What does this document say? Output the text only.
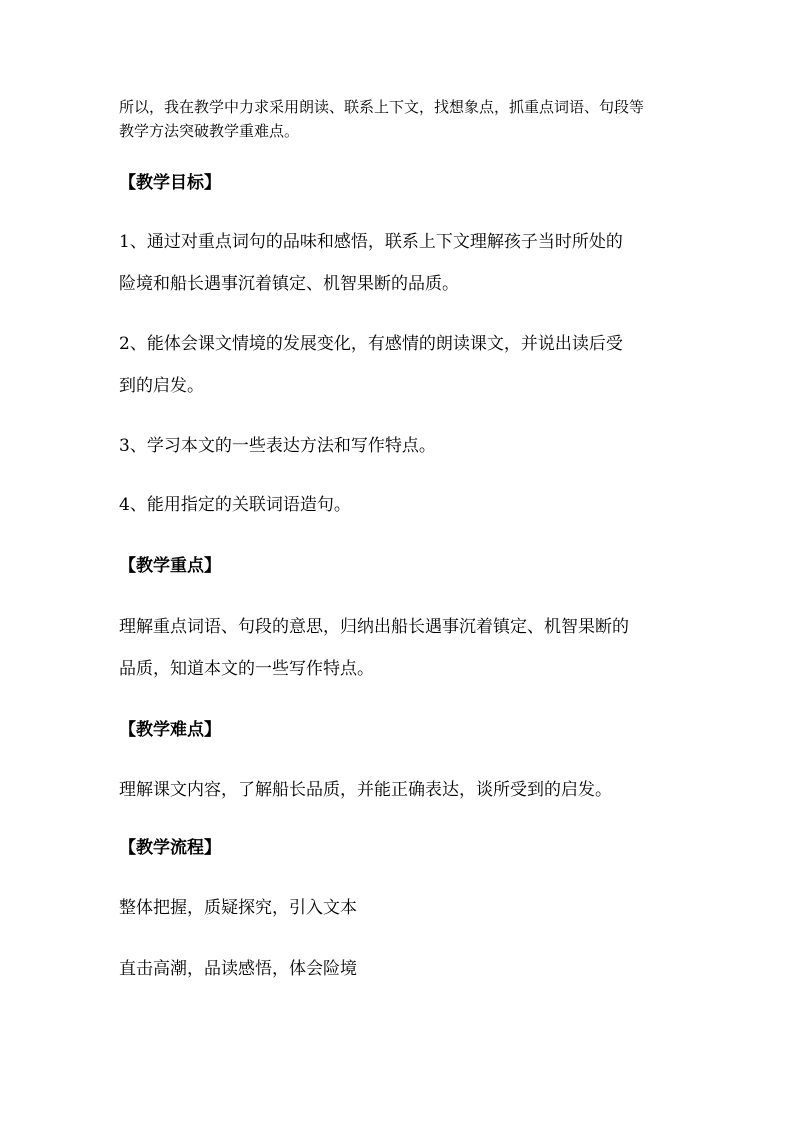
所以，我在教学中力求采用朗读、联系上下文，找想象点，抓重点词语、句段等
教学方法突破教学重难点。
【教学目标】
1、通过对重点词句的品味和感悟，联系上下文理解孩子当时所处的
险境和船长遇事沉着镇定、机智果断的品质。
2、能体会课文情境的发展变化，有感情的朗读课文，并说出读后受
到的启发。
3、学习本文的一些表达方法和写作特点。
4、能用指定的关联词语造句。
【教学重点】
理解重点词语、句段的意思，归纳出船长遇事沉着镇定、机智果断的
品质，知道本文的一些写作特点。
【教学难点】
理解课文内容，了解船长品质，并能正确表达，谈所受到的启发。
【教学流程】
整体把握，质疑探究，引入文本
直击高潮，品读感悟，体会险境
